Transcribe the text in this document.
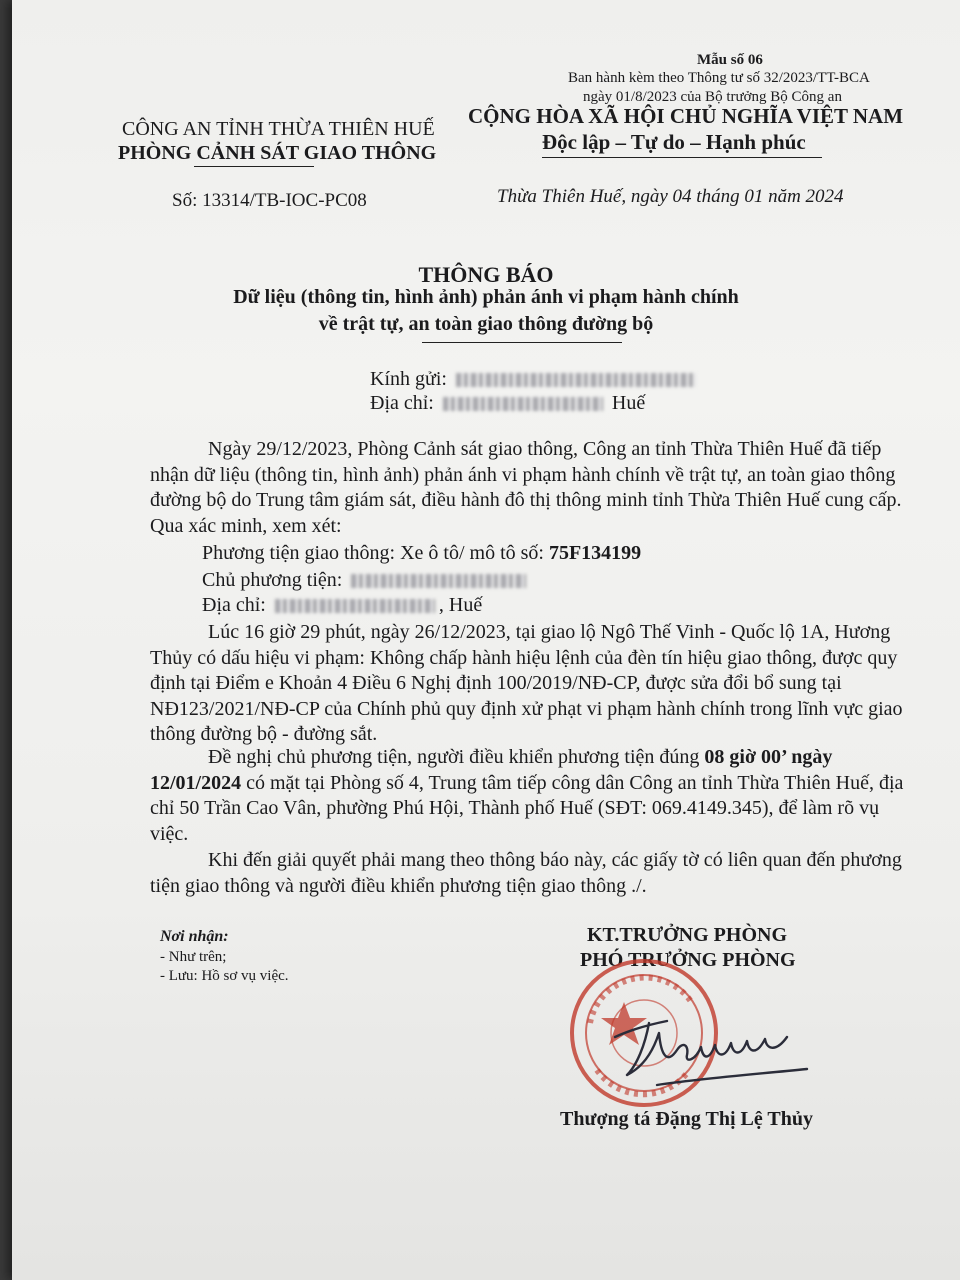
Mẫu số 06
Ban hành kèm theo Thông tư số 32/2023/TT-BCA
ngày 01/8/2023 của Bộ trưởng Bộ Công an
CÔNG AN TỈNH THỪA THIÊN HUẾ
PHÒNG CẢNH SÁT GIAO THÔNG
CỘNG HÒA XÃ HỘI CHỦ NGHĨA VIỆT NAM
Độc lập – Tự do – Hạnh phúc
Số: 13314/TB-IOC-PC08	Thừa Thiên Huế, ngày 04 tháng 01 năm 2024
THÔNG BÁO
Dữ liệu (thông tin, hình ảnh) phản ánh vi phạm hành chính
về trật tự, an toàn giao thông đường bộ
Kính gửi:
Địa chỉ:	Huế
Ngày 29/12/2023, Phòng Cảnh sát giao thông, Công an tỉnh Thừa Thiên Huế đã tiếp nhận dữ liệu (thông tin, hình ảnh) phản ánh vi phạm hành chính về trật tự, an toàn giao thông đường bộ do Trung tâm giám sát, điều hành đô thị thông minh tỉnh Thừa Thiên Huế cung cấp. Qua xác minh, xem xét:
Phương tiện giao thông: Xe ô tô/ mô tô số: 75F134199
Chủ phương tiện:
Địa chỉ:	, Huế
Lúc 16 giờ 29 phút, ngày 26/12/2023, tại giao lộ Ngô Thế Vinh - Quốc lộ 1A, Hương Thủy có dấu hiệu vi phạm: Không chấp hành hiệu lệnh của đèn tín hiệu giao thông, được quy định tại Điểm e Khoản 4 Điều 6 Nghị định 100/2019/NĐ-CP, được sửa đổi bổ sung tại NĐ123/2021/NĐ-CP của Chính phủ quy định xử phạt vi phạm hành chính trong lĩnh vực giao thông đường bộ - đường sắt.
Đề nghị chủ phương tiện, người điều khiển phương tiện đúng 08 giờ 00’ ngày 12/01/2024 có mặt tại Phòng số 4, Trung tâm tiếp công dân Công an tỉnh Thừa Thiên Huế, địa chỉ 50 Trần Cao Vân, phường Phú Hội, Thành phố Huế (SĐT: 069.4149.345), để làm rõ vụ việc.
Khi đến giải quyết phải mang theo thông báo này, các giấy tờ có liên quan đến phương tiện giao thông và người điều khiển phương tiện giao thông ./.
Nơi nhận:
- Như trên;
- Lưu: Hồ sơ vụ việc.
KT.TRƯỞNG PHÒNG
PHÓ TRƯỞNG PHÒNG
Thượng tá Đặng Thị Lệ Thủy
